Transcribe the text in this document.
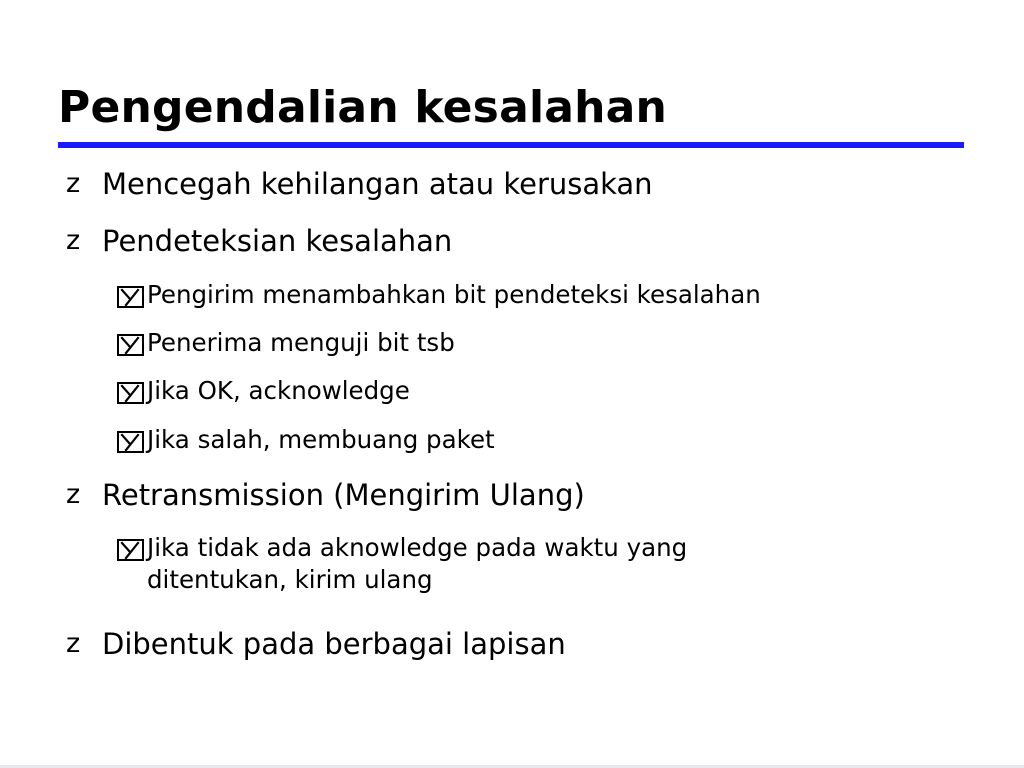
Pengendalian kesalahan
z Mencegah kehilangan atau kerusakan
z Pendeteksian kesalahan
Pengirim menambahkan bit pendeteksi kesalahan
Penerima menguji bit tsb
Jika OK, acknowledge
Jika salah, membuang paket
z Retransmission (Mengirim Ulang)
Jika tidak ada aknowledge pada waktu yang
ditentukan, kirim ulang
z Dibentuk pada berbagai lapisan
